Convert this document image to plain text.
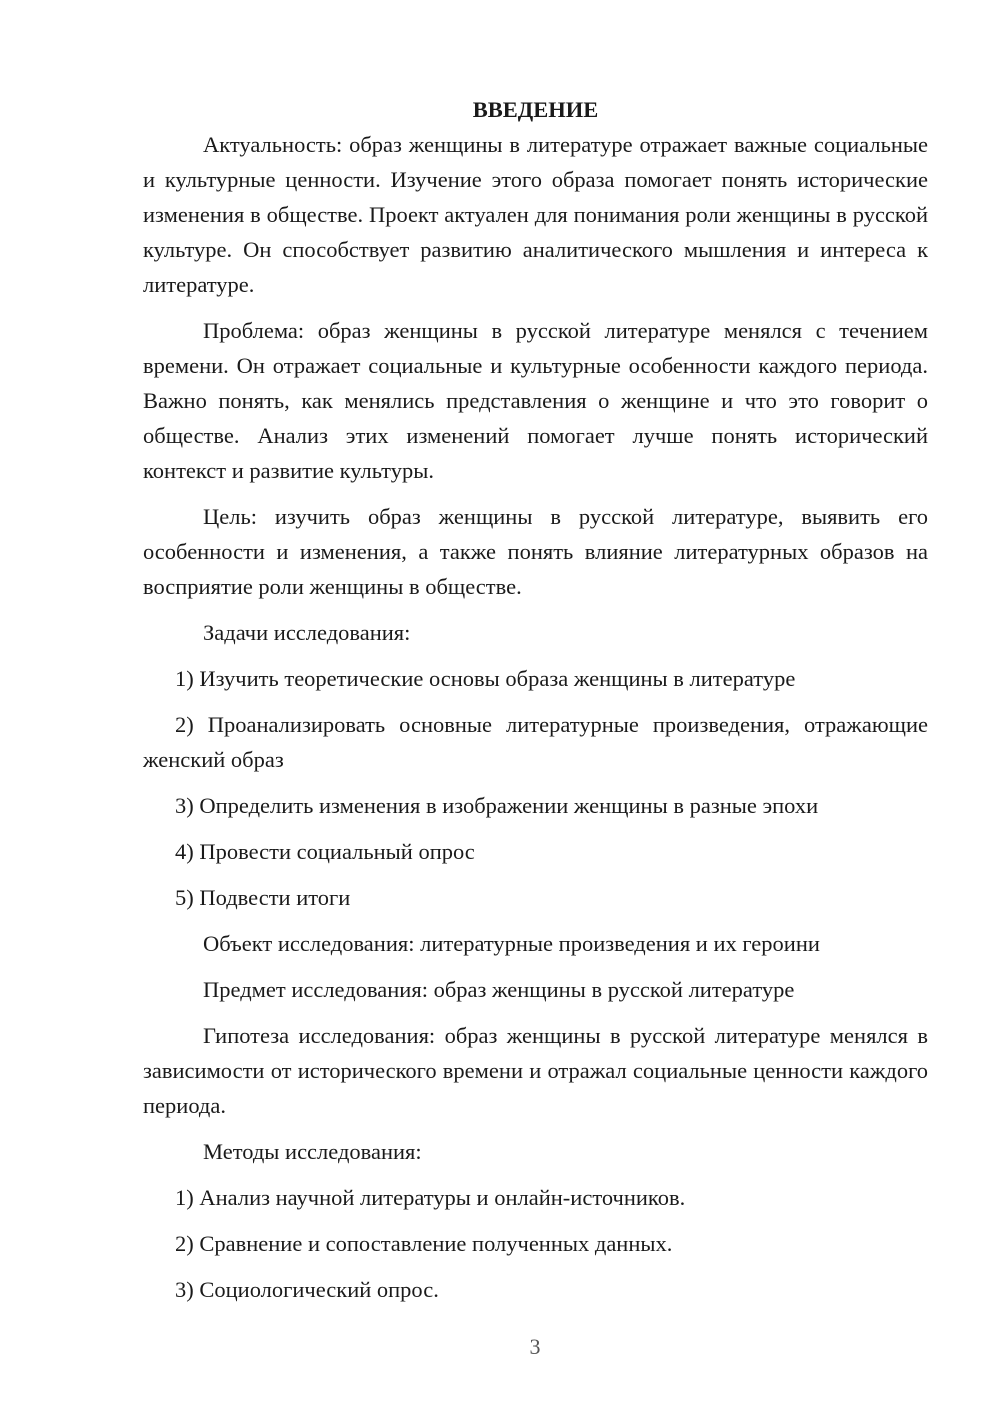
ВВЕДЕНИЕ

Актуальность: образ женщины в литературе отражает важные социальные и культурные ценности. Изучение этого образа помогает понять исторические изменения в обществе. Проект актуален для понимания роли женщины в русской культуре. Он способствует развитию аналитического мышления и интереса к литературе.

Проблема: образ женщины в русской литературе менялся с течением времени. Он отражает социальные и культурные особенности каждого периода. Важно понять, как менялись представления о женщине и что это говорит о обществе. Анализ этих изменений помогает лучше понять исторический контекст и развитие культуры.

Цель: изучить образ женщины в русской литературе, выявить его особенности и изменения, а также понять влияние литературных образов на восприятие роли женщины в обществе.

Задачи исследования:

1) Изучить теоретические основы образа женщины в литературе

2) Проанализировать основные литературные произведения, отражающие женский образ

3) Определить изменения в изображении женщины в разные эпохи

4) Провести социальный опрос

5) Подвести итоги

Объект исследования: литературные произведения и их героини

Предмет исследования: образ женщины в русской литературе

Гипотеза исследования: образ женщины в русской литературе менялся в зависимости от исторического времени и отражал социальные ценности каждого периода.

Методы исследования:

1) Анализ научной литературы и онлайн-источников.

2) Сравнение и сопоставление полученных данных.

3) Социологический опрос.

3
